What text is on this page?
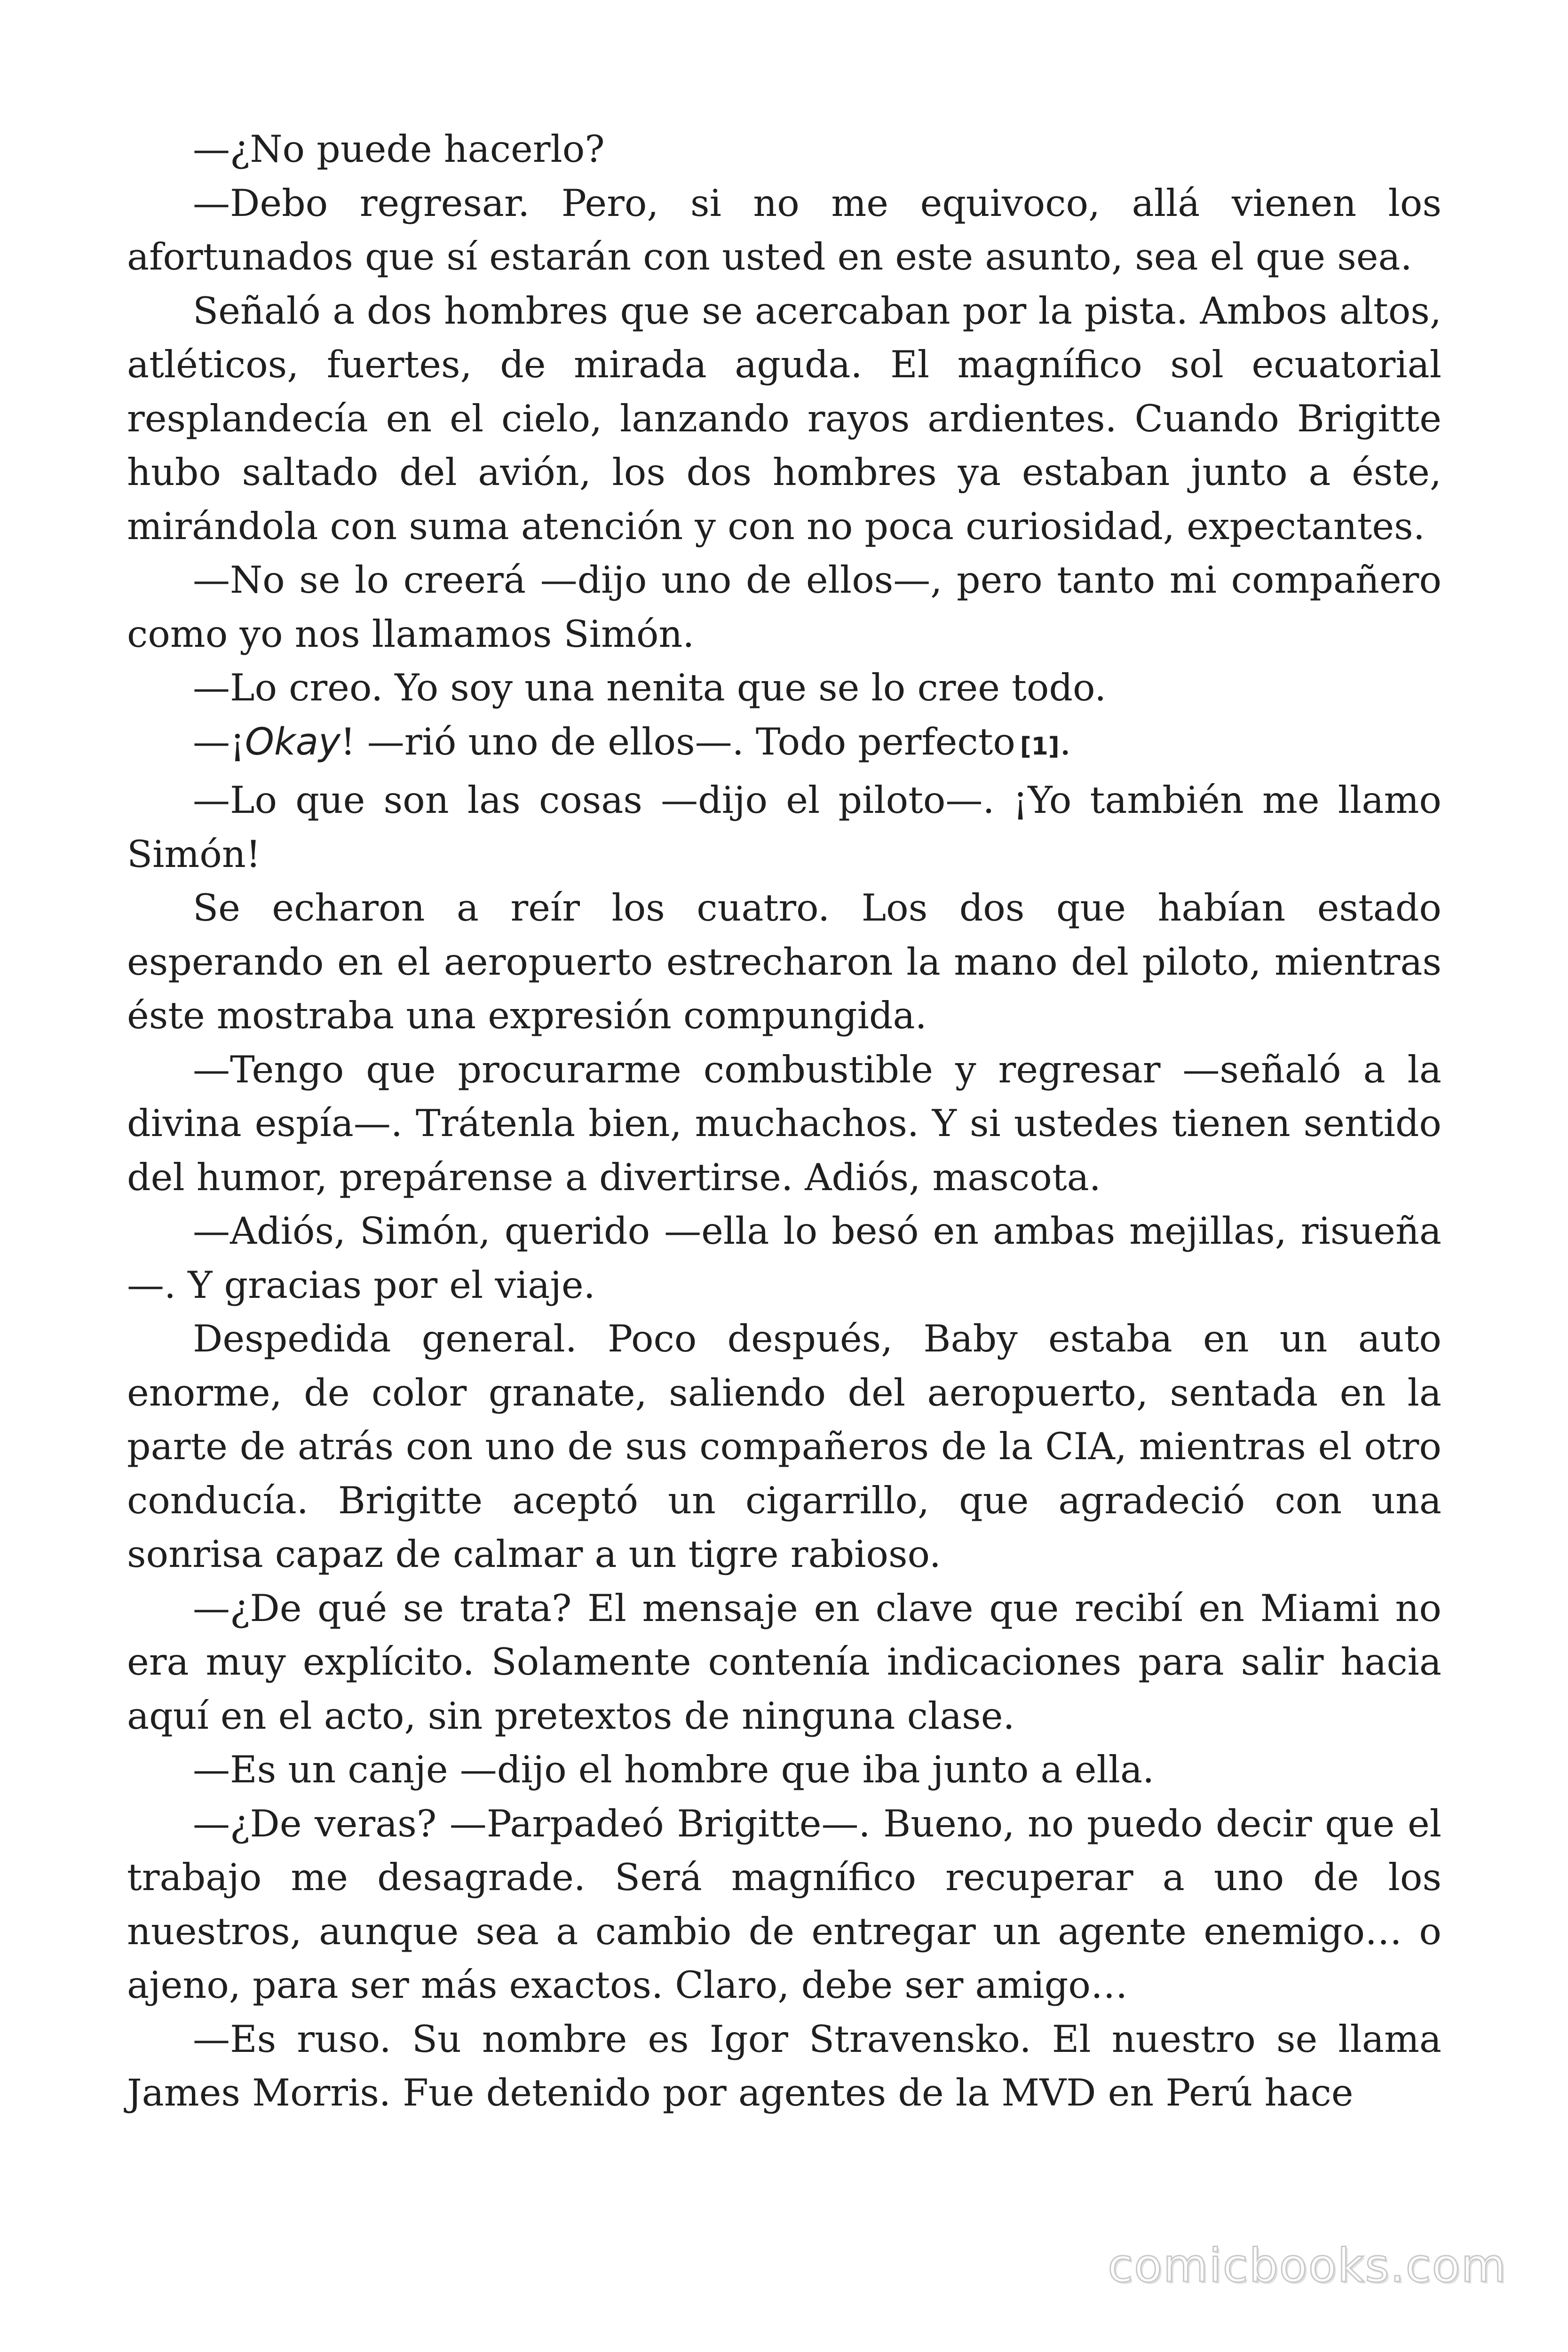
—¿No puede hacerlo?

—Debo regresar. Pero, si no me equivoco, allá vienen los afortunados que sí estarán con usted en este asunto, sea el que sea.

Señaló a dos hombres que se acercaban por la pista. Ambos altos, atléticos, fuertes, de mirada aguda. El magnífico sol ecuatorial resplandecía en el cielo, lanzando rayos ardientes. Cuando Brigitte hubo saltado del avión, los dos hombres ya estaban junto a éste, mirándola con suma atención y con no poca curiosidad, expectantes.

—No se lo creerá —dijo uno de ellos—, pero tanto mi compañero como yo nos llamamos Simón.

—Lo creo. Yo soy una nenita que se lo cree todo.

—¡Okay! —rió uno de ellos—. Todo perfecto [1].

—Lo que son las cosas —dijo el piloto—. ¡Yo también me llamo Simón!

Se echaron a reír los cuatro. Los dos que habían estado esperando en el aeropuerto estrecharon la mano del piloto, mientras éste mostraba una expresión compungida.

—Tengo que procurarme combustible y regresar —señaló a la divina espía—. Trátenla bien, muchachos. Y si ustedes tienen sentido del humor, prepárense a divertirse. Adiós, mascota.

—Adiós, Simón, querido —ella lo besó en ambas mejillas, risueña—. Y gracias por el viaje.

Despedida general. Poco después, Baby estaba en un auto enorme, de color granate, saliendo del aeropuerto, sentada en la parte de atrás con uno de sus compañeros de la CIA, mientras el otro conducía. Brigitte aceptó un cigarrillo, que agradeció con una sonrisa capaz de calmar a un tigre rabioso.

—¿De qué se trata? El mensaje en clave que recibí en Miami no era muy explícito. Solamente contenía indicaciones para salir hacia aquí en el acto, sin pretextos de ninguna clase.

—Es un canje —dijo el hombre que iba junto a ella.

—¿De veras? —Parpadeó Brigitte—. Bueno, no puedo decir que el trabajo me desagrade. Será magnífico recuperar a uno de los nuestros, aunque sea a cambio de entregar un agente enemigo… o ajeno, para ser más exactos. Claro, debe ser amigo…

—Es ruso. Su nombre es Igor Stravensko. El nuestro se llama James Morris. Fue detenido por agentes de la MVD en Perú hace

comicbooks.com
